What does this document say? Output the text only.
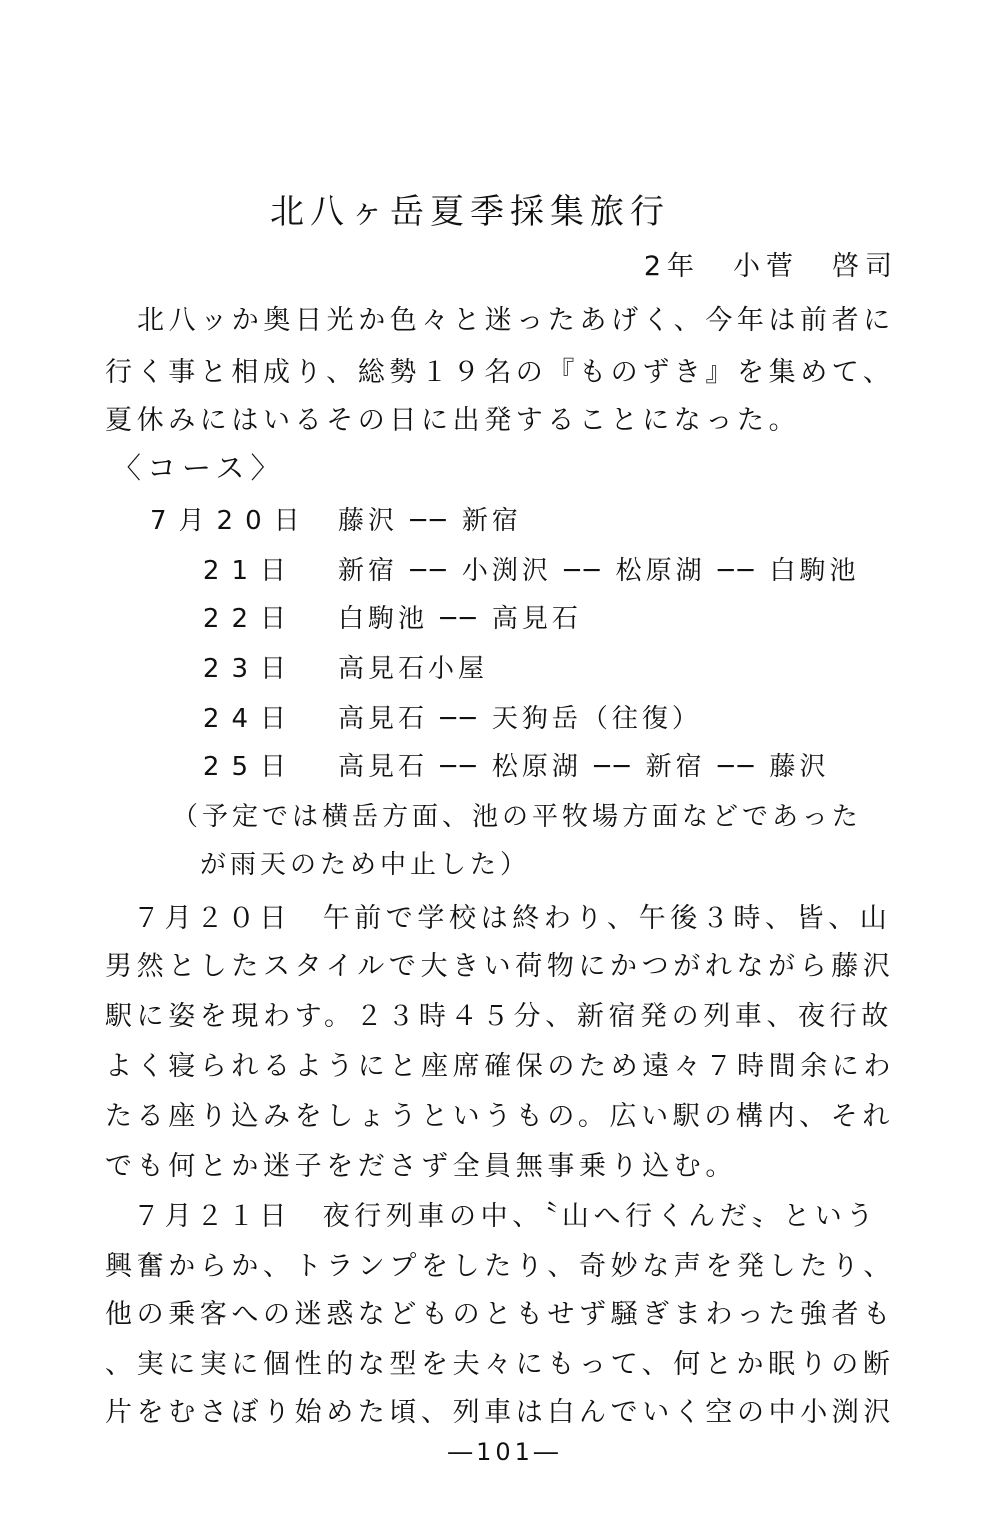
北八ヶ岳夏季採集旅行
2年　小菅　啓司
北八ッか奥日光か色々と迷ったあげく、今年は前者に
行く事と相成り、総勢１９名の『ものずき』を集めて、
夏休みにはいるその日に出発することになった。
〈コース〉
7月20日 藤沢 ── 新宿
21日 新宿 ── 小渕沢 ── 松原湖 ── 白駒池
22日 白駒池 ── 高見石
23日 高見石小屋
24日 高見石 ── 天狗岳（往復）
25日 高見石 ── 松原湖 ── 新宿 ── 藤沢
（予定では横岳方面、池の平牧場方面などであった
が雨天のため中止した）
７月２０日　午前で学校は終わり、午後３時、皆、山
男然としたスタイルで大きい荷物にかつがれながら藤沢
駅に姿を現わす。２３時４５分、新宿発の列車、夜行故
よく寝られるようにと座席確保のため遠々７時間余にわ
たる座り込みをしょうというもの。広い駅の構内、それ
でも何とか迷子をださず全員無事乗り込む。
７月２１日　夜行列車の中、〝山へ行くんだ〟という
興奮からか、トランプをしたり、奇妙な声を発したり、
他の乗客への迷惑などものともせず騒ぎまわった強者も
、実に実に個性的な型を夫々にもって、何とか眠りの断
片をむさぼり始めた頃、列車は白んでいく空の中小渕沢
―101―
